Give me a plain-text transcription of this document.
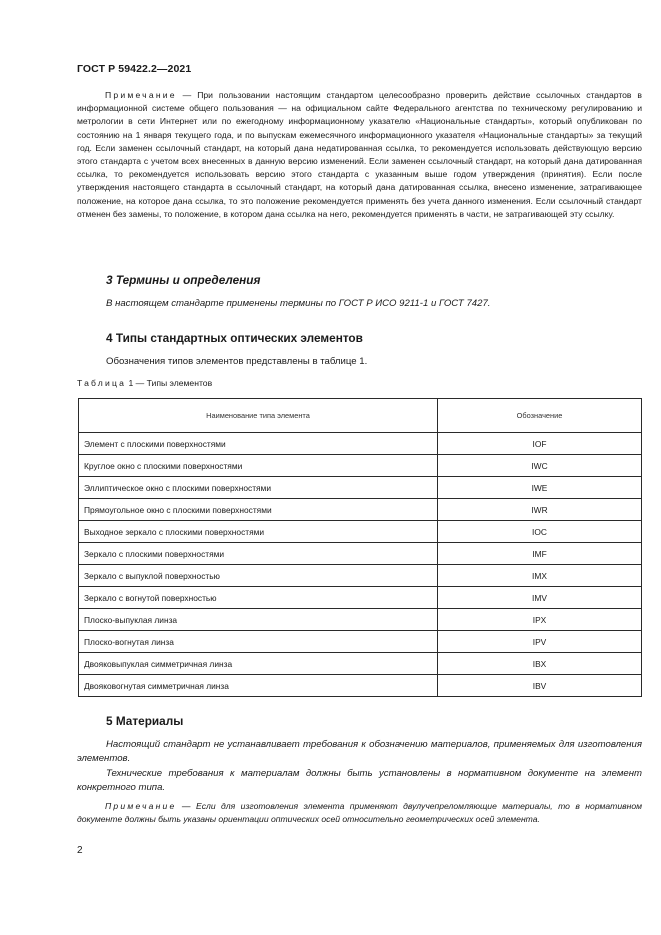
ГОСТ Р 59422.2—2021
Примечание — При пользовании настоящим стандартом целесообразно проверить действие ссылочных стандартов в информационной системе общего пользования — на официальном сайте Федерального агентства по техническому регулированию и метрологии в сети Интернет или по ежегодному информационному указателю «Национальные стандарты», который опубликован по состоянию на 1 января текущего года, и по выпускам ежемесячного информационного указателя «Национальные стандарты» за текущий год. Если заменен ссылочный стандарт, на который дана недатированная ссылка, то рекомендуется использовать действующую версию этого стандарта с учетом всех внесенных в данную версию изменений. Если заменен ссылочный стандарт, на который дана датированная ссылка, то рекомендуется использовать версию этого стандарта с указанным выше годом утверждения (принятия). Если после утверждения настоящего стандарта в ссылочный стандарт, на который дана датированная ссылка, внесено изменение, затрагивающее положение, на которое дана ссылка, то это положение рекомендуется применять без учета данного изменения. Если ссылочный стандарт отменен без замены, то положение, в котором дана ссылка на него, рекомендуется применять в части, не затрагивающей эту ссылку.
3 Термины и определения
В настоящем стандарте применены термины по ГОСТ Р ИСО 9211-1 и ГОСТ 7427.
4 Типы стандартных оптических элементов
Обозначения типов элементов представлены в таблице 1.
Таблица 1 — Типы элементов
Наименование типа элемента	Обозначение
Элемент с плоскими поверхностями	IOF
Круглое окно с плоскими поверхностями	IWC
Эллиптическое окно с плоскими поверхностями	IWE
Прямоугольное окно с плоскими поверхностями	IWR
Выходное зеркало с плоскими поверхностями	IOC
Зеркало с плоскими поверхностями	IMF
Зеркало с выпуклой поверхностью	IMX
Зеркало с вогнутой поверхностью	IMV
Плоско-выпуклая линза	IPX
Плоско-вогнутая линза	IPV
Двояковыпуклая симметричная линза	IBX
Двояковогнутая симметричная линза	IBV
5 Материалы
Настоящий стандарт не устанавливает требования к обозначению материалов, применяемых для изготовления элементов.
Технические требования к материалам должны быть установлены в нормативном документе на элемент конкретного типа.
Примечание — Если для изготовления элемента применяют двулучепреломляющие материалы, то в нормативном документе должны быть указаны ориентации оптических осей относительно геометрических осей элемента.
2
